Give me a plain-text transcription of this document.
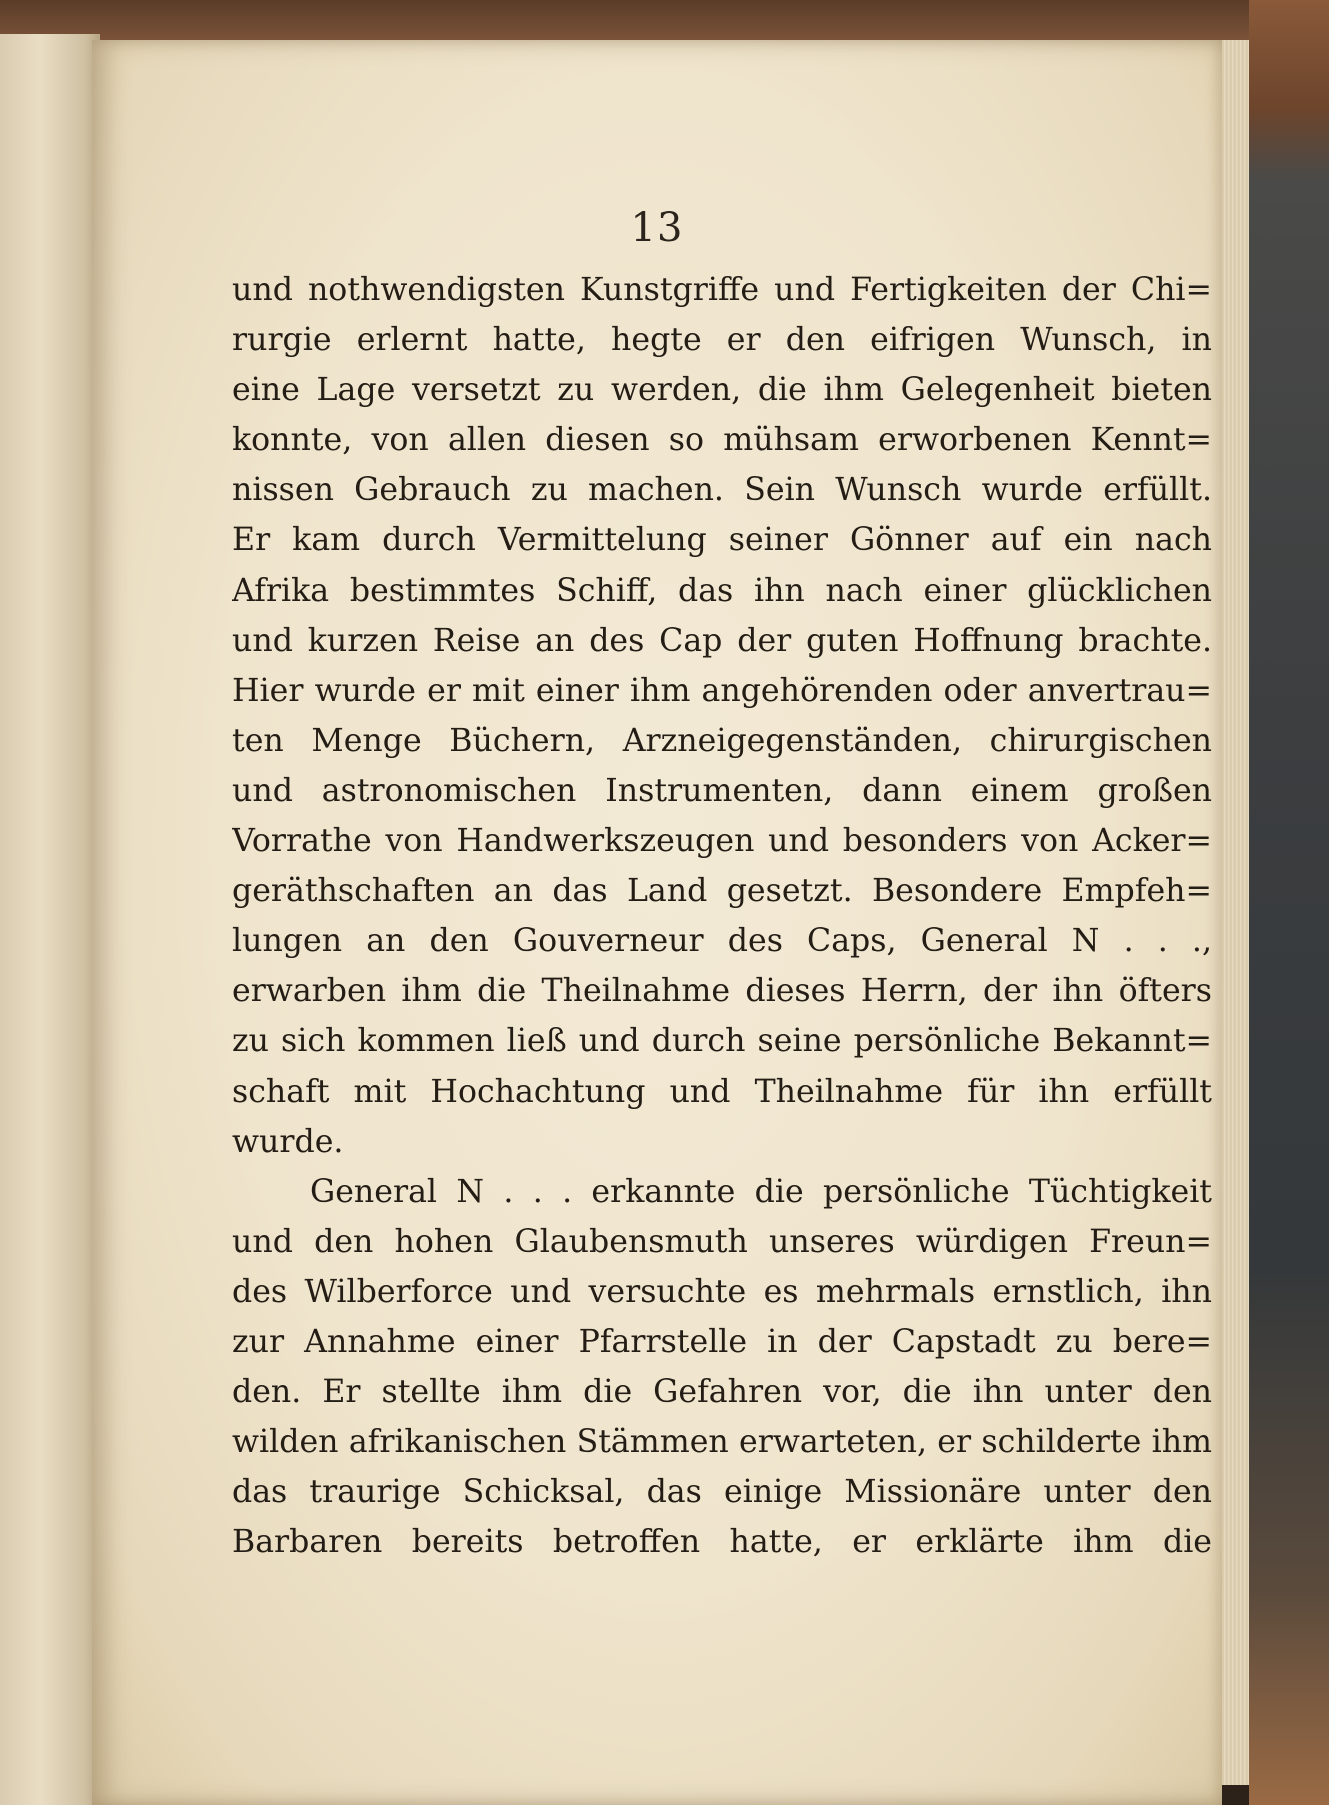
13
und nothwendigsten Kunstgriffe und Fertigkeiten der Chi=
rurgie erlernt hatte, hegte er den eifrigen Wunsch, in
eine Lage versetzt zu werden, die ihm Gelegenheit bieten
konnte, von allen diesen so mühsam erworbenen Kennt=
nissen Gebrauch zu machen. Sein Wunsch wurde erfüllt.
Er kam durch Vermittelung seiner Gönner auf ein nach
Afrika bestimmtes Schiff, das ihn nach einer glücklichen
und kurzen Reise an des Cap der guten Hoffnung brachte.
Hier wurde er mit einer ihm angehörenden oder anvertrau=
ten Menge Büchern, Arzneigegenständen, chirurgischen
und astronomischen Instrumenten, dann einem großen
Vorrathe von Handwerkszeugen und besonders von Acker=
geräthschaften an das Land gesetzt. Besondere Empfeh=
lungen an den Gouverneur des Caps, General N . . .,
erwarben ihm die Theilnahme dieses Herrn, der ihn öfters
zu sich kommen ließ und durch seine persönliche Bekannt=
schaft mit Hochachtung und Theilnahme für ihn erfüllt
wurde.
General N . . . erkannte die persönliche Tüchtigkeit
und den hohen Glaubensmuth unseres würdigen Freun=
des Wilberforce und versuchte es mehrmals ernstlich, ihn
zur Annahme einer Pfarrstelle in der Capstadt zu bere=
den. Er stellte ihm die Gefahren vor, die ihn unter den
wilden afrikanischen Stämmen erwarteten, er schilderte ihm
das traurige Schicksal, das einige Missionäre unter den
Barbaren bereits betroffen hatte, er erklärte ihm die
